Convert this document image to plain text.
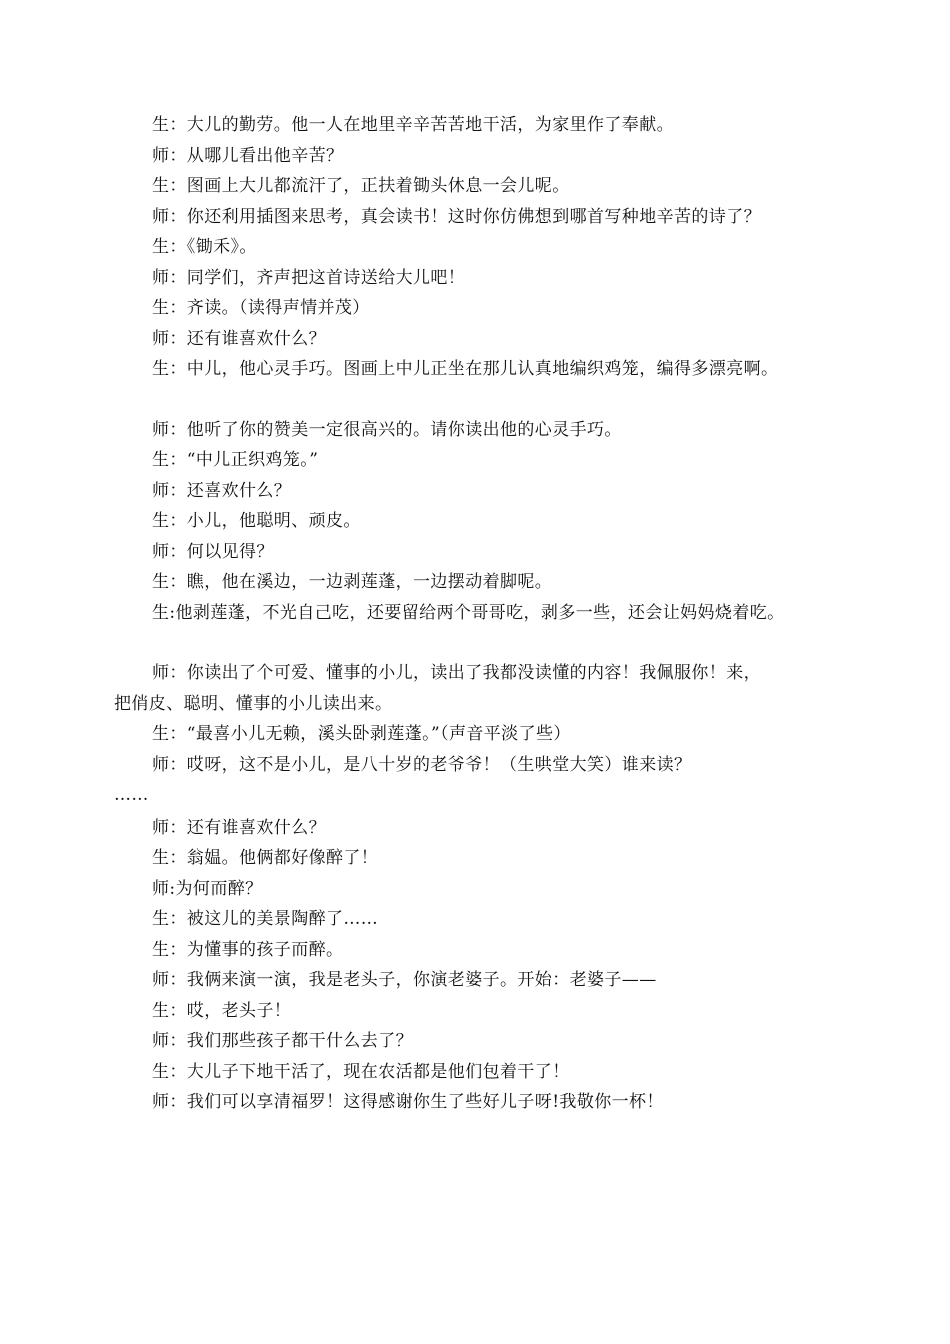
生：大儿的勤劳。他一人在地里辛辛苦苦地干活，为家里作了奉献。
师：从哪儿看出他辛苦？
生：图画上大儿都流汗了，正扶着锄头休息一会儿呢。
师：你还利用插图来思考，真会读书！这时你仿佛想到哪首写种地辛苦的诗了？
生：《锄禾》。
师：同学们，齐声把这首诗送给大儿吧！
生：齐读。（读得声情并茂）
师：还有谁喜欢什么？
生：中儿，他心灵手巧。图画上中儿正坐在那儿认真地编织鸡笼，编得多漂亮啊。
师：他听了你的赞美一定很高兴的。请你读出他的心灵手巧。
生：“中儿正织鸡笼。”
师：还喜欢什么？
生：小儿，他聪明、顽皮。
师：何以见得？
生：瞧，他在溪边，一边剥莲蓬，一边摆动着脚呢。
生:他剥莲蓬，不光自己吃，还要留给两个哥哥吃，剥多一些，还会让妈妈烧着吃。
师：你读出了个可爱、懂事的小儿，读出了我都没读懂的内容！我佩服你！来，
把俏皮、聪明、懂事的小儿读出来。
生：“最喜小儿无赖，溪头卧剥莲蓬。”（声音平淡了些）
师：哎呀，这不是小儿，是八十岁的老爷爷！（生哄堂大笑）谁来读？
……
师：还有谁喜欢什么？
生：翁媪。他俩都好像醉了！
师:为何而醉？
生：被这儿的美景陶醉了……
生：为懂事的孩子而醉。
师：我俩来演一演，我是老头子，你演老婆子。开始：老婆子——
生：哎，老头子！
师：我们那些孩子都干什么去了？
生：大儿子下地干活了，现在农活都是他们包着干了！
师：我们可以享清福罗！这得感谢你生了些好儿子呀!我敬你一杯！
